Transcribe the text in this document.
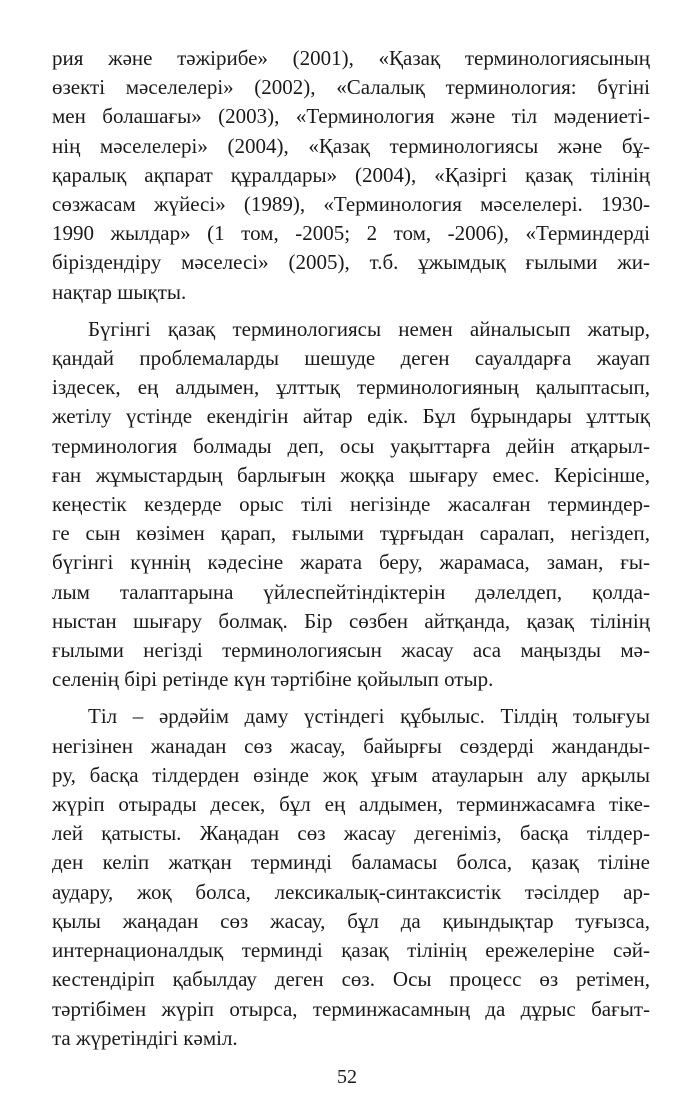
рия және тәжірибе» (2001), «Қазақ терминологиясының
өзекті мәселелері» (2002), «Салалық терминология: бүгіні
мен болашағы» (2003), «Терминология және тіл мәдениеті-
нің мәселелері» (2004), «Қазақ терминологиясы және бұ-
қаралық ақпарат құралдары» (2004), «Қазіргі қазақ тілінің
сөзжасам жүйесі» (1989), «Терминология мәселелері. 1930-
1990 жылдар» (1 том, -2005; 2 том, -2006), «Терминдерді
біріздендіру мәселесі» (2005), т.б. ұжымдық ғылыми жи-
нақтар шықты.

Бүгінгі қазақ терминологиясы немен айналысып жатыр,
қандай проблемаларды шешуде деген сауалдарға жауап
іздесек, ең алдымен, ұлттық терминологияның қалыптасып,
жетілу үстінде екендігін айтар едік. Бұл бұрындары ұлттық
терминология болмады деп, осы уақыттарға дейін атқарыл-
ған жұмыстардың барлығын жоққа шығару емес. Керісінше,
кеңестік кездерде орыс тілі негізінде жасалған терминдер-
ге сын көзімен қарап, ғылыми тұрғыдан саралап, негіздеп,
бүгінгі күннің кәдесіне жарата беру, жарамаса, заман, ғы-
лым талаптарына үйлеспейтіндіктерін дәлелдеп, қолда-
ныстан шығару болмақ. Бір сөзбен айтқанда, қазақ тілінің
ғылыми негізді терминологиясын жасау аса маңызды мә-
селенің бірі ретінде күн тәртібіне қойылып отыр.

Тіл – әрдәйім даму үстіндегі құбылыс. Тілдің толығуы
негізінен жанадан сөз жасау, байырғы сөздерді жанданды-
ру, басқа тілдерден өзінде жоқ ұғым атауларын алу арқылы
жүріп отырады десек, бұл ең алдымен, терминжасамға тіке-
лей қатысты. Жаңадан сөз жасау дегеніміз, басқа тілдер-
ден келіп жатқан терминді баламасы болса, қазақ тіліне
аудару, жоқ болса, лексикалық-синтаксистік тәсілдер ар-
қылы жаңадан сөз жасау, бұл да қиындықтар туғызса,
интернационалдық терминді қазақ тілінің ережелеріне сәй-
кестендіріп қабылдау деген сөз. Осы процесс өз ретімен,
тәртібімен жүріп отырса, терминжасамның да дұрыс бағыт-
та жүретіндігі кәміл.

52
